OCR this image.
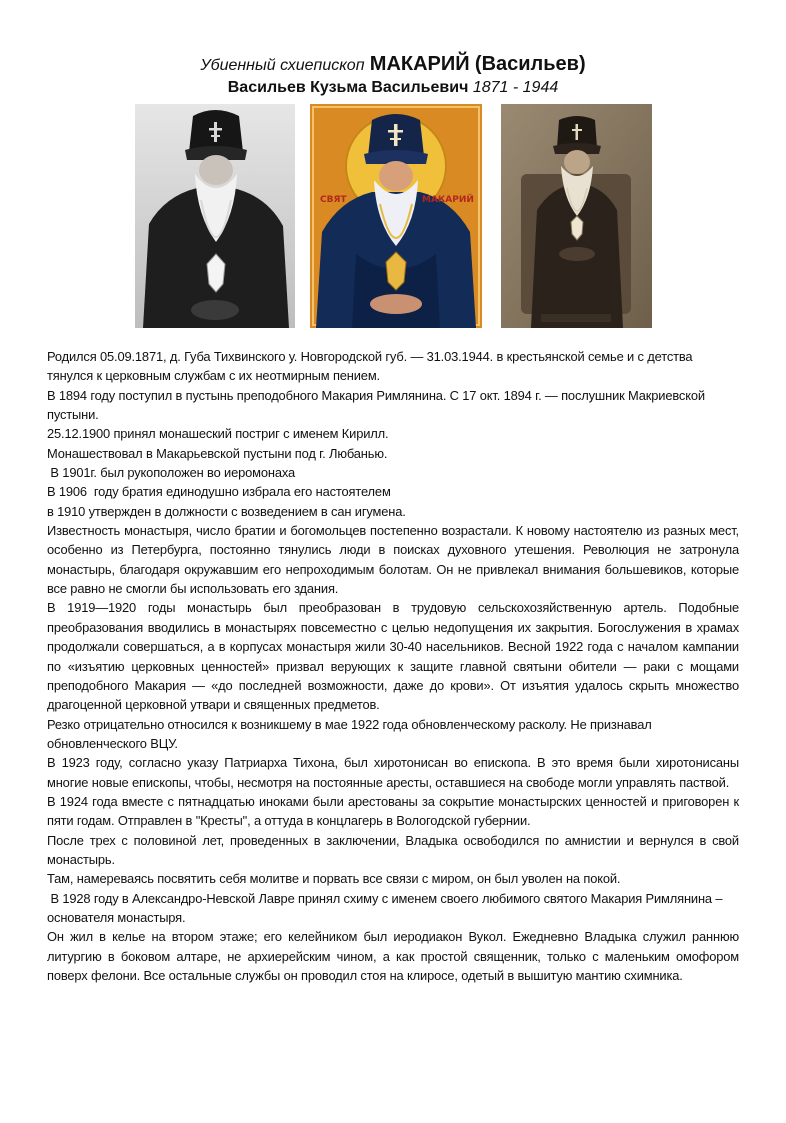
Убиенный схиепископ МАКАРИЙ (Васильев)
Васильев Кузьма Васильевич 1871 - 1944
СВЯТ	МАКАРИЙ

Родился 05.09.1871, д. Губа Тихвинского у. Новгородской губ. — 31.03.1944. в крестьянской семье и с детства тянулся к церковным службам с их неотмирным пением.

В 1894 году поступил в пустынь преподобного Макария Римлянина. С 17 окт. 1894 г. — послушник Макриевской пустыни.

25.12.1900 принял монашеский постриг с именем Кирилл.

Монашествовал в Макарьевской пустыни под г. Любанью.

В 1901г. был рукоположен во иеромонаха

В 1906  году братия единодушно избрала его настоятелем

в 1910 утвержден в должности с возведением в сан игумена.

Известность монастыря, число братии и богомольцев постепенно возрастали. К новому настоятелю из разных мест, особенно из Петербурга, постоянно тянулись люди в поисках духовного утешения. Революция не затронула монастырь, благодаря окружавшим его непроходимым болотам. Он не привлекал внимания большевиков, которые все равно не смогли бы использовать его здания.

В 1919—1920 годы монастырь был преобразован в трудовую сельскохозяйственную артель. Подобные преобразования вводились в монастырях повсеместно с целью недопущения их закрытия. Богослужения в храмах продолжали совершаться, а в корпусах монастыря жили 30-40 насельников. Весной 1922 года с началом кампании по «изъятию церковных ценностей» призвал верующих к защите главной святыни обители — раки с мощами преподобного Макария — «до последней возможности, даже до крови». От изъятия удалось скрыть множество драгоценной церковной утвари и священных предметов.

Резко отрицательно относился к возникшему в мае 1922 года обновленческому расколу. Не признавал обновленческого ВЦУ.

В 1923 году, согласно указу Патриарха Тихона, был хиротонисан во епископа. В это время были хиротонисаны многие новые епископы, чтобы, несмотря на постоянные аресты, оставшиеся на свободе могли управлять паствой.

В 1924 года вместе с пятнадцатью иноками были арестованы за сокрытие монастырских ценностей и приговорен к пяти годам. Отправлен в "Кресты", а оттуда в концлагерь в Вологодской губернии.

После трех с половиной лет, проведенных в заключении, Владыка освободился по амнистии и вернулся в свой монастырь.

Там, намереваясь посвятить себя молитве и порвать все связи с миром, он был уволен на покой.

В 1928 году в Александро-Невской Лавре принял схиму с именем своего любимого святого Макария Римлянина – основателя монастыря.

Он жил в келье на втором этаже; его келейником был иеродиакон Вукол. Ежедневно Владыка служил раннюю литургию в боковом алтаре, не архиерейским чином, а как простой священник, только с маленьким омофором поверх фелони. Все остальные службы он проводил стоя на клиросе, одетый в вышитую мантию схимника.
